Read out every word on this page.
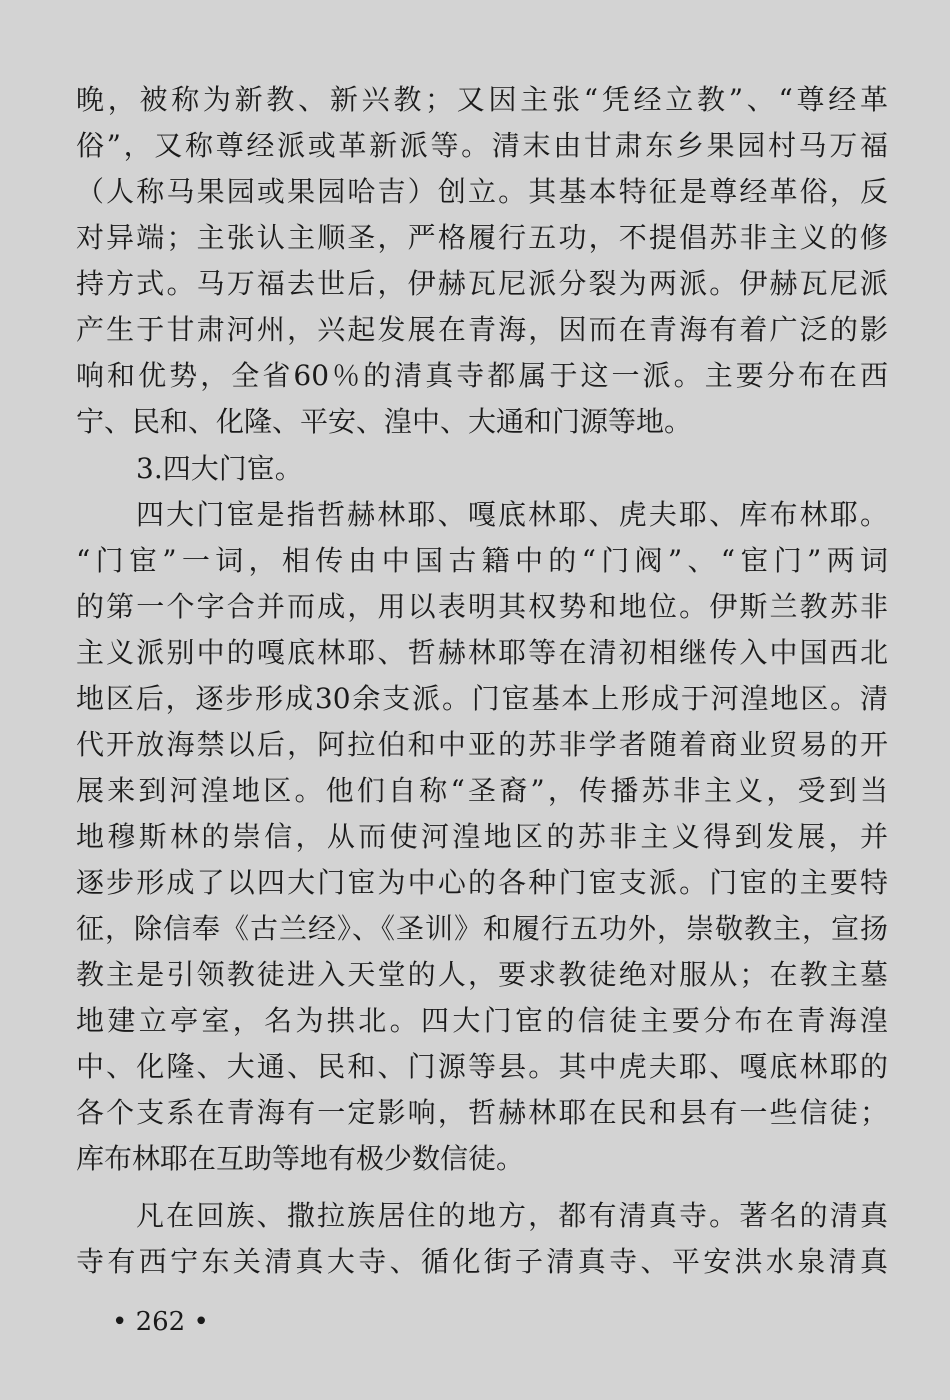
晚，被称为新教、新兴教；又因主张“凭经立教”、“尊经革
俗”，又称尊经派或革新派等。清末由甘肃东乡果园村马万福
（人称马果园或果园哈吉）创立。其基本特征是尊经革俗，反
对异端；主张认主顺圣，严格履行五功，不提倡苏非主义的修
持方式。马万福去世后，伊赫瓦尼派分裂为两派。伊赫瓦尼派
产生于甘肃河州，兴起发展在青海，因而在青海有着广泛的影
响和优势，全省60％的清真寺都属于这一派。主要分布在西
宁、民和、化隆、平安、湟中、大通和门源等地。
3.四大门宦。
四大门宦是指哲赫林耶、嘎底林耶、虎夫耶、库布林耶。
“门宦”一词，相传由中国古籍中的“门阀”、“宦门”两词
的第一个字合并而成，用以表明其权势和地位。伊斯兰教苏非
主义派别中的嘎底林耶、哲赫林耶等在清初相继传入中国西北
地区后，逐步形成30余支派。门宦基本上形成于河湟地区。清
代开放海禁以后，阿拉伯和中亚的苏非学者随着商业贸易的开
展来到河湟地区。他们自称“圣裔”，传播苏非主义，受到当
地穆斯林的崇信，从而使河湟地区的苏非主义得到发展，并
逐步形成了以四大门宦为中心的各种门宦支派。门宦的主要特
征，除信奉《古兰经》、《圣训》和履行五功外，崇敬教主，宣扬
教主是引领教徒进入天堂的人，要求教徒绝对服从；在教主墓
地建立亭室，名为拱北。四大门宦的信徒主要分布在青海湟
中、化隆、大通、民和、门源等县。其中虎夫耶、嘎底林耶的
各个支系在青海有一定影响，哲赫林耶在民和县有一些信徒；
库布林耶在互助等地有极少数信徒。
凡在回族、撒拉族居住的地方，都有清真寺。著名的清真
寺有西宁东关清真大寺、循化街子清真寺、平安洪水泉清真
• 262 •
